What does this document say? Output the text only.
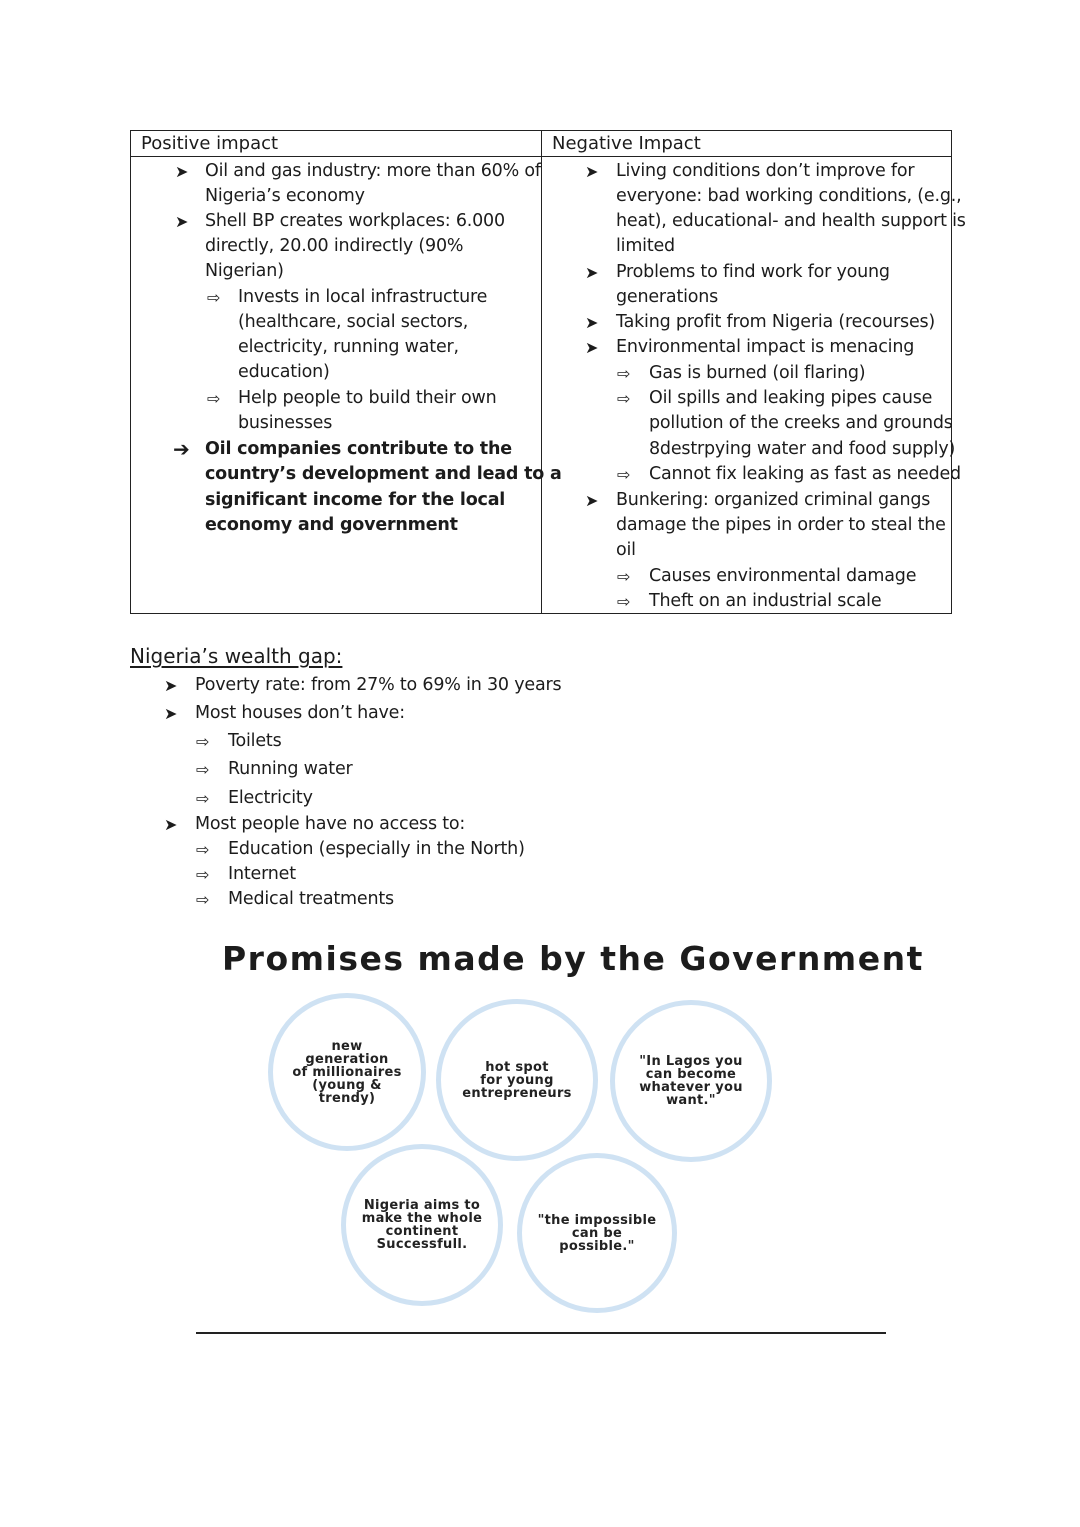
Positive impact
➤ Oil and gas industry: more than 60% of
Nigeria’s economy
➤ Shell BP creates workplaces: 6.000
directly, 20.00 indirectly (90%
Nigerian)
⇨ Invests in local infrastructure
(healthcare, social sectors,
electricity, running water,
education)
⇨ Help people to build their own
businesses
➔ Oil companies contribute to the
country’s development and lead to a
significant income for the local
economy and government
Negative Impact
➤ Living conditions don’t improve for
everyone: bad working conditions, (e.g.,
heat), educational- and health support is
limited
➤ Problems to find work for young
generations
➤ Taking profit from Nigeria (recourses)
➤ Environmental impact is menacing
⇨ Gas is burned (oil flaring)
⇨ Oil spills and leaking pipes cause
pollution of the creeks and grounds
8destrpying water and food supply)
⇨ Cannot fix leaking as fast as needed
➤ Bunkering: organized criminal gangs
damage the pipes in order to steal the
oil
⇨ Causes environmental damage
⇨ Theft on an industrial scale
Nigeria’s wealth gap:
➤ Poverty rate: from 27% to 69% in 30 years
➤ Most houses don’t have:
⇨ Toilets
⇨ Running water
⇨ Electricity
➤ Most people have no access to:
⇨ Education (especially in the North)
⇨ Internet
⇨ Medical treatments
Promises made by the Government
new
generation
of millionaires
(young &
trendy)
hot spot
for young
entrepreneurs
"In Lagos you
can become
whatever you
want."
Nigeria aims to
make the whole
continent
Successfull.
"the impossible
can be
possible."
